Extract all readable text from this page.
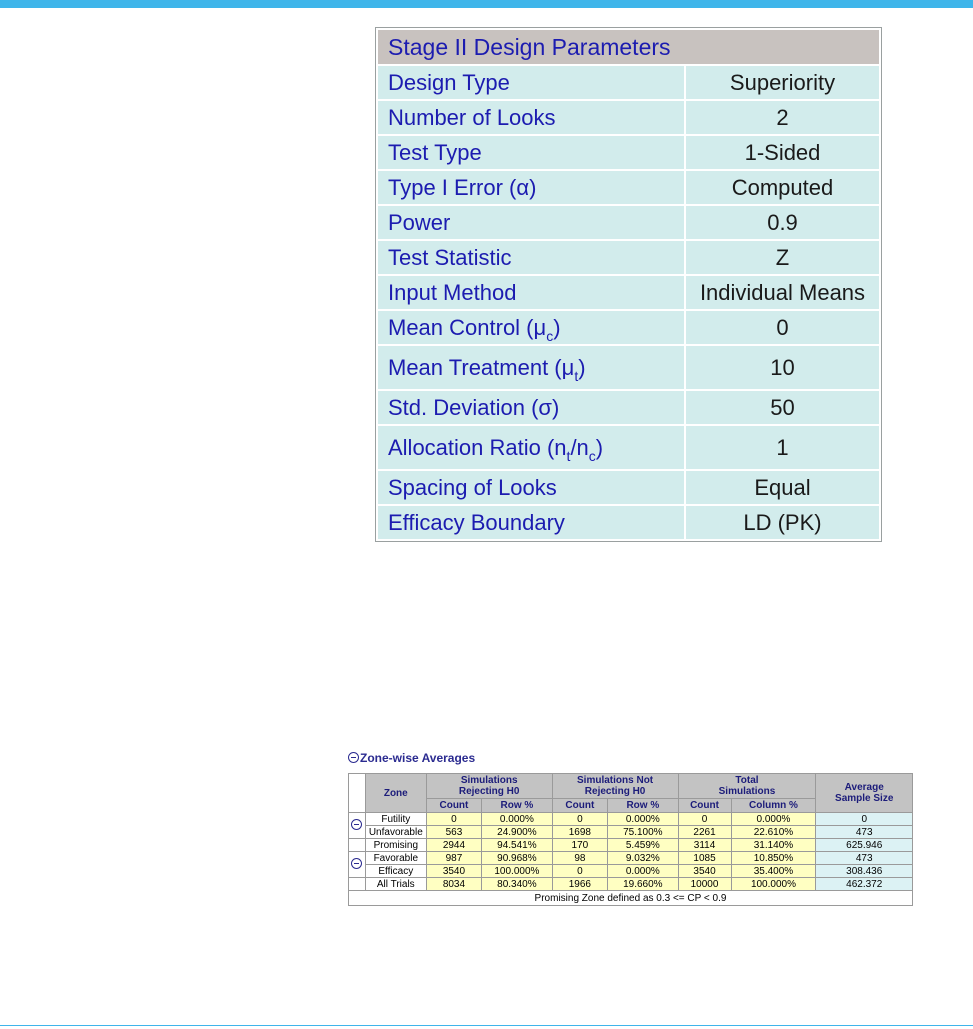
Stage II Design Parameters	
Design Type	Superiority
Number of Looks	2
Test Type	1-Sided
Type I Error (α)	Computed
Power	0.9
Test Statistic	Z
Input Method	Individual Means
Mean Control $(\mu_c)$	0
Mean Treatment $(\mu_t)$	10
Std. Deviation (σ)	50
Allocation Ratio $(n_t/n_c)$	1
Spacing of Looks	Equal
Efficacy Boundary	LD (PK)
Zone-wise Averages
	Zone	Simulations Rejecting H0		Simulations Not Rejecting H0		Total Simulations		Average Sample Size
		Count	Row %	Count	Row %	Count	Column %	
	Futility	0	0.000%	0	0.000%	0	0.000%	0
	Unfavorable	563	24.900%	1698	75.100%	2261	22.610%	473
	Promising	2944	94.541%	170	5.459%	3114	31.140%	625.946
	Favorable	987	90.968%	98	9.032%	1085	10.850%	473
	Efficacy	3540	100.000%	0	0.000%	3540	35.400%	308.436
	All Trials	8034	80.340%	1966	19.660%	10000	100.000%	462.372
Promising Zone defined as 0.3 <= CP < 0.9								
